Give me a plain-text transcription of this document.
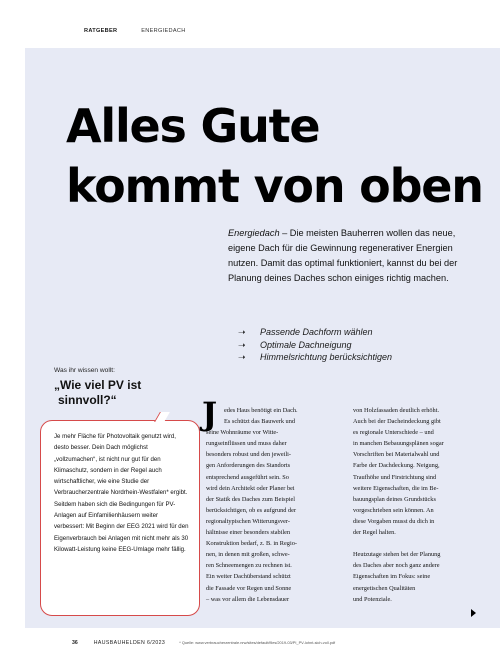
RATGEBER	ENERGIEDACH
Alles Gute
kommt von oben
Energiedach – Die meisten Bauherren wollen das neue, eigene Dach für die Gewinnung regenerativer Energien nutzen. Damit das optimal funktioniert, kannst du bei der Planung deines Daches schon einiges richtig machen.
➝	Passende Dachform wählen
➝	Optimale Dachneigung
➝	Himmelsrichtung berücksichtigen
Was ihr wissen wollt:
„Wie viel PV ist
sinnvoll?“

Je mehr Fläche für Photovoltaik genutzt wird, desto besser. Dein Dach möglichst „vollzumachen“, ist nicht nur gut für den Klimaschutz, sondern in der Regel auch wirtschaftlicher, wie eine Studie der Verbraucherzentrale Nordrhein-Westfalen* ergibt. Seitdem haben sich die Bedingungen für PV-Anlagen auf Einfamilienhäusern weiter verbessert: Mit Beginn der EEG 2021 wird für den Eigenverbrauch bei Anlagen mit nicht mehr als 30 Kilowatt-Leistung keine EEG-Umlage mehr fällig.

J	edes Haus benötigt ein Dach.
Es schützt das Bauwerk und
seine Wohnräume vor Witte-
rungseinflüssen und muss daher
besonders robust und den jeweili-
gen Anforderungen des Standorts
entsprechend ausgeführt sein. So
wird dein Architekt oder Planer bei
der Statik des Daches zum Beispiel
berücksichtigen, ob es aufgrund der
regionaltypischen Witterungsver-
hältnisse einer besonders stabilen
Konstruktion bedarf, z. B. in Regio-
nen, in denen mit großen, schwe-
ren Schneemengen zu rechnen ist.
Ein weiter Dachüberstand schützt
die Fassade vor Regen und Sonne
– was vor allem die Lebensdauer
von Holzfassaden deutlich erhöht.
Auch bei der Dacheindeckung gibt
es regionale Unterschiede – und
in manchen Bebauungsplänen sogar
Vorschriften bei Materialwahl und
Farbe der Dachdeckung. Neigung,
Traufhöhe und Firstrichtung sind
weitere Eigenschaften, die im Be-
bauungsplan deines Grundstücks
vorgeschrieben sein können. An
diese Vorgaben musst du dich in
der Regel halten.
Heutzutage stehen bei der Planung
des Daches aber noch ganz andere
Eigenschaften im Fokus: seine
energetischen Qualitäten
und Potenziale.
36	HAUSBAUHELDEN 6/2023	* Quelle: www.verbraucherzentrale.nrw/sites/default/files/2019-03/PI_PV-lohnt-sich-voll.pdf
